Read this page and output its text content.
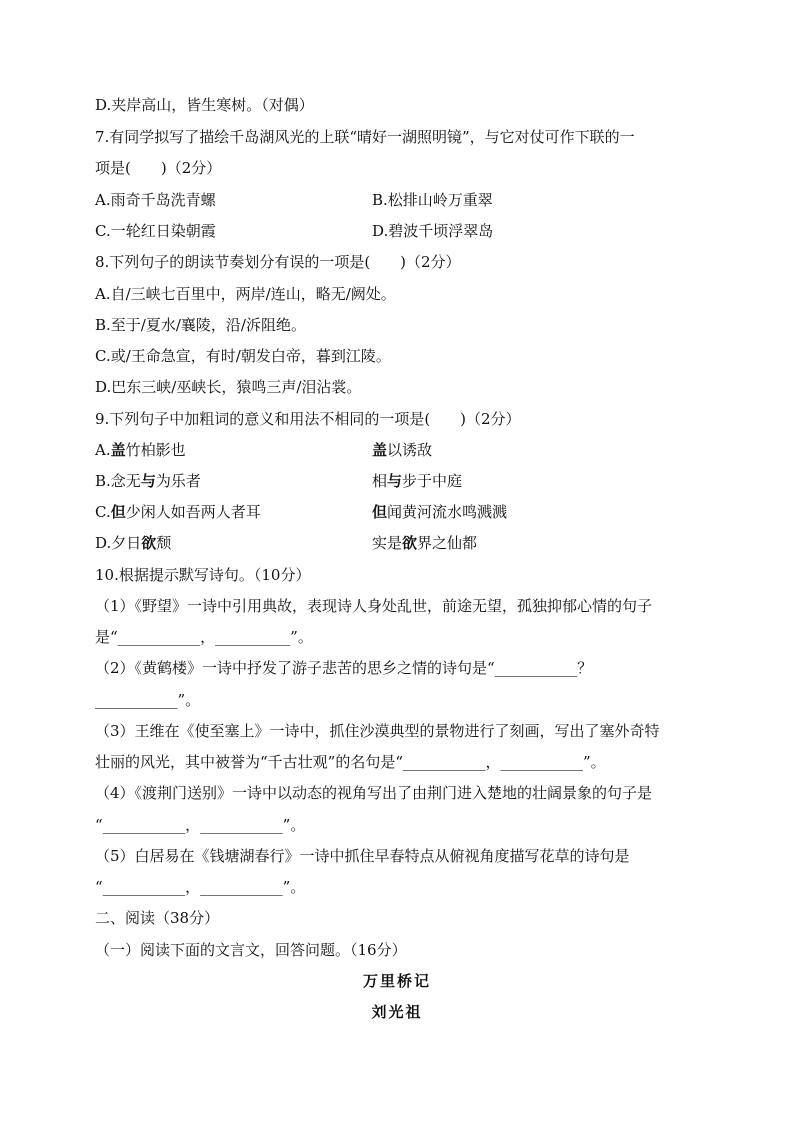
D.夹岸高山，皆生寒树。（对偶）
7.有同学拟写了描绘千岛湖风光的上联“晴好一湖照明镜”，与它对仗可作下联的一
项是(　　)（2分）
A.雨奇千岛洗青螺	B.松排山岭万重翠
C.一轮红日染朝霞	D.碧波千顷浮翠岛
8.下列句子的朗读节奏划分有误的一项是(　　)（2分）
A.自/三峡七百里中，两岸/连山，略无/阙处。
B.至于/夏水/襄陵，沿/泝阻绝。
C.或/王命急宣，有时/朝发白帝，暮到江陵。
D.巴东三峡/巫峡长，猿鸣三声/泪沾裳。
9.下列句子中加粗词的意义和用法不相同的一项是(　　)（2分）
A.盖竹柏影也	盖以诱敌
B.念无与为乐者	相与步于中庭
C.但少闲人如吾两人者耳	但闻黄河流水鸣溅溅
D.夕日欲颓	实是欲界之仙都
10.根据提示默写诗句。（10分）
（1）《野望》一诗中引用典故，表现诗人身处乱世，前途无望，孤独抑郁心情的句子
是“___________，__________”。
（2）《黄鹤楼》一诗中抒发了游子悲苦的思乡之情的诗句是“___________？
___________”。
（3）王维在《使至塞上》一诗中，抓住沙漠典型的景物进行了刻画，写出了塞外奇特
壮丽的风光，其中被誉为“千古壮观”的名句是“___________，___________”。
（4）《渡荆门送别》一诗中以动态的视角写出了由荆门进入楚地的壮阔景象的句子是
“___________，___________”。
（5）白居易在《钱塘湖春行》一诗中抓住早春特点从俯视角度描写花草的诗句是
“___________，___________”。
二、阅读（38分）
（一）阅读下面的文言文，回答问题。（16分）
万里桥记
刘光祖
